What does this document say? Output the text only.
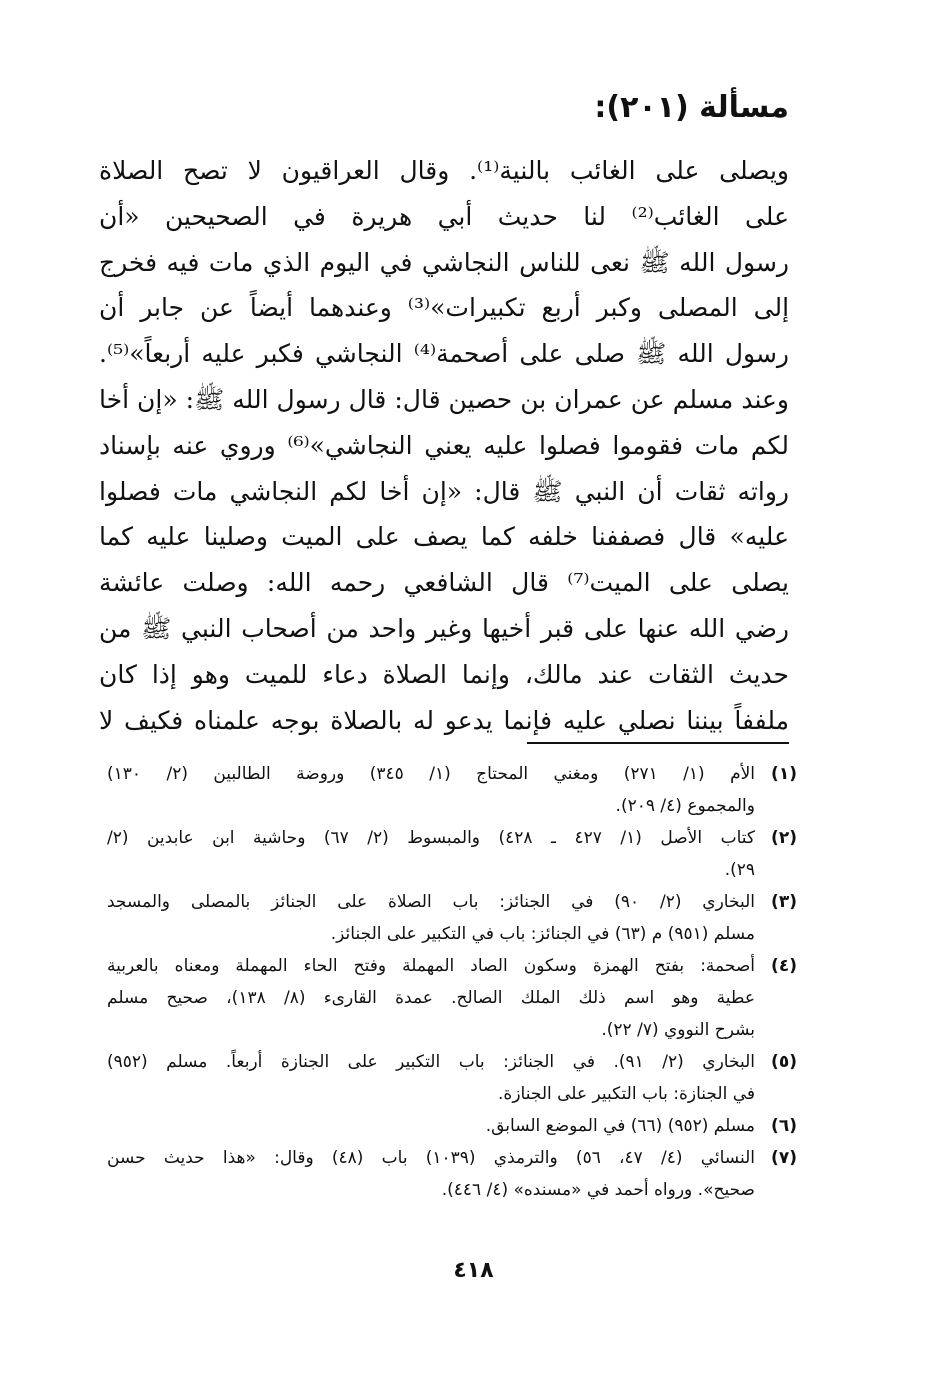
مسألة (٢٠١):
ويصلى على الغائب بالنية⁽¹⁾. وقال العراقيون لا تصح الصلاة
على الغائب⁽²⁾ لنا حديث أبي هريرة في الصحيحين «أن
رسول الله ﷺ نعى للناس النجاشي في اليوم الذي مات فيه فخرج
إلى المصلى وكبر أربع تكبيرات»⁽³⁾ وعندهما أيضاً عن جابر أن
رسول الله ﷺ صلى على أصحمة⁽⁴⁾ النجاشي فكبر عليه أربعاً»⁽⁵⁾.
وعند مسلم عن عمران بن حصين قال: قال رسول الله ﷺ: «إن أخا
لكم مات فقوموا فصلوا عليه يعني النجاشي»⁽⁶⁾ وروي عنه بإسناد
رواته ثقات أن النبي ﷺ قال: «إن أخا لكم النجاشي مات فصلوا
عليه» قال فصففنا خلفه كما يصف على الميت وصلينا عليه كما
يصلى على الميت⁽⁷⁾ قال الشافعي رحمه الله: وصلت عائشة
رضي الله عنها على قبر أخيها وغير واحد من أصحاب النبي ﷺ من
حديث الثقات عند مالك، وإنما الصلاة دعاء للميت وهو إذا كان
ملففاً بيننا نصلي عليه فإنما يدعو له بالصلاة بوجه علمناه فكيف لا
(١)
الأم (١/ ٢٧١) ومغني المحتاج (١/ ٣٤٥) وروضة الطالبين (٢/ ١٣٠)
والمجموع (٤/ ٢٠٩).
(٢)
كتاب الأصل (١/ ٤٢٧ ـ ٤٢٨) والمبسوط (٢/ ٦٧) وحاشية ابن عابدين (٢/
٢٩).
(٣)
البخاري (٢/ ٩٠) في الجنائز: باب الصلاة على الجنائز بالمصلى والمسجد
مسلم (٩٥١) م (٦٣) في الجنائز: باب في التكبير على الجنائز.
(٤)
أصحمة: بفتح الهمزة وسكون الصاد المهملة وفتح الحاء المهملة ومعناه بالعربية
عطية وهو اسم ذلك الملك الصالح. عمدة القارىء (٨/ ١٣٨)، صحيح مسلم
بشرح النووي (٧/ ٢٢).
(٥)
البخاري (٢/ ٩١). في الجنائز: باب التكبير على الجنازة أربعاً. مسلم (٩٥٢)
في الجنازة: باب التكبير على الجنازة.
(٦)
مسلم (٩٥٢) (٦٦) في الموضع السابق.
(٧)
النسائي (٤/ ٤٧، ٥٦) والترمذي (١٠٣٩) باب (٤٨) وقال: «هذا حديث حسن
صحيح». ورواه أحمد في «مسنده» (٤/ ٤٤٦).
٤١٨
